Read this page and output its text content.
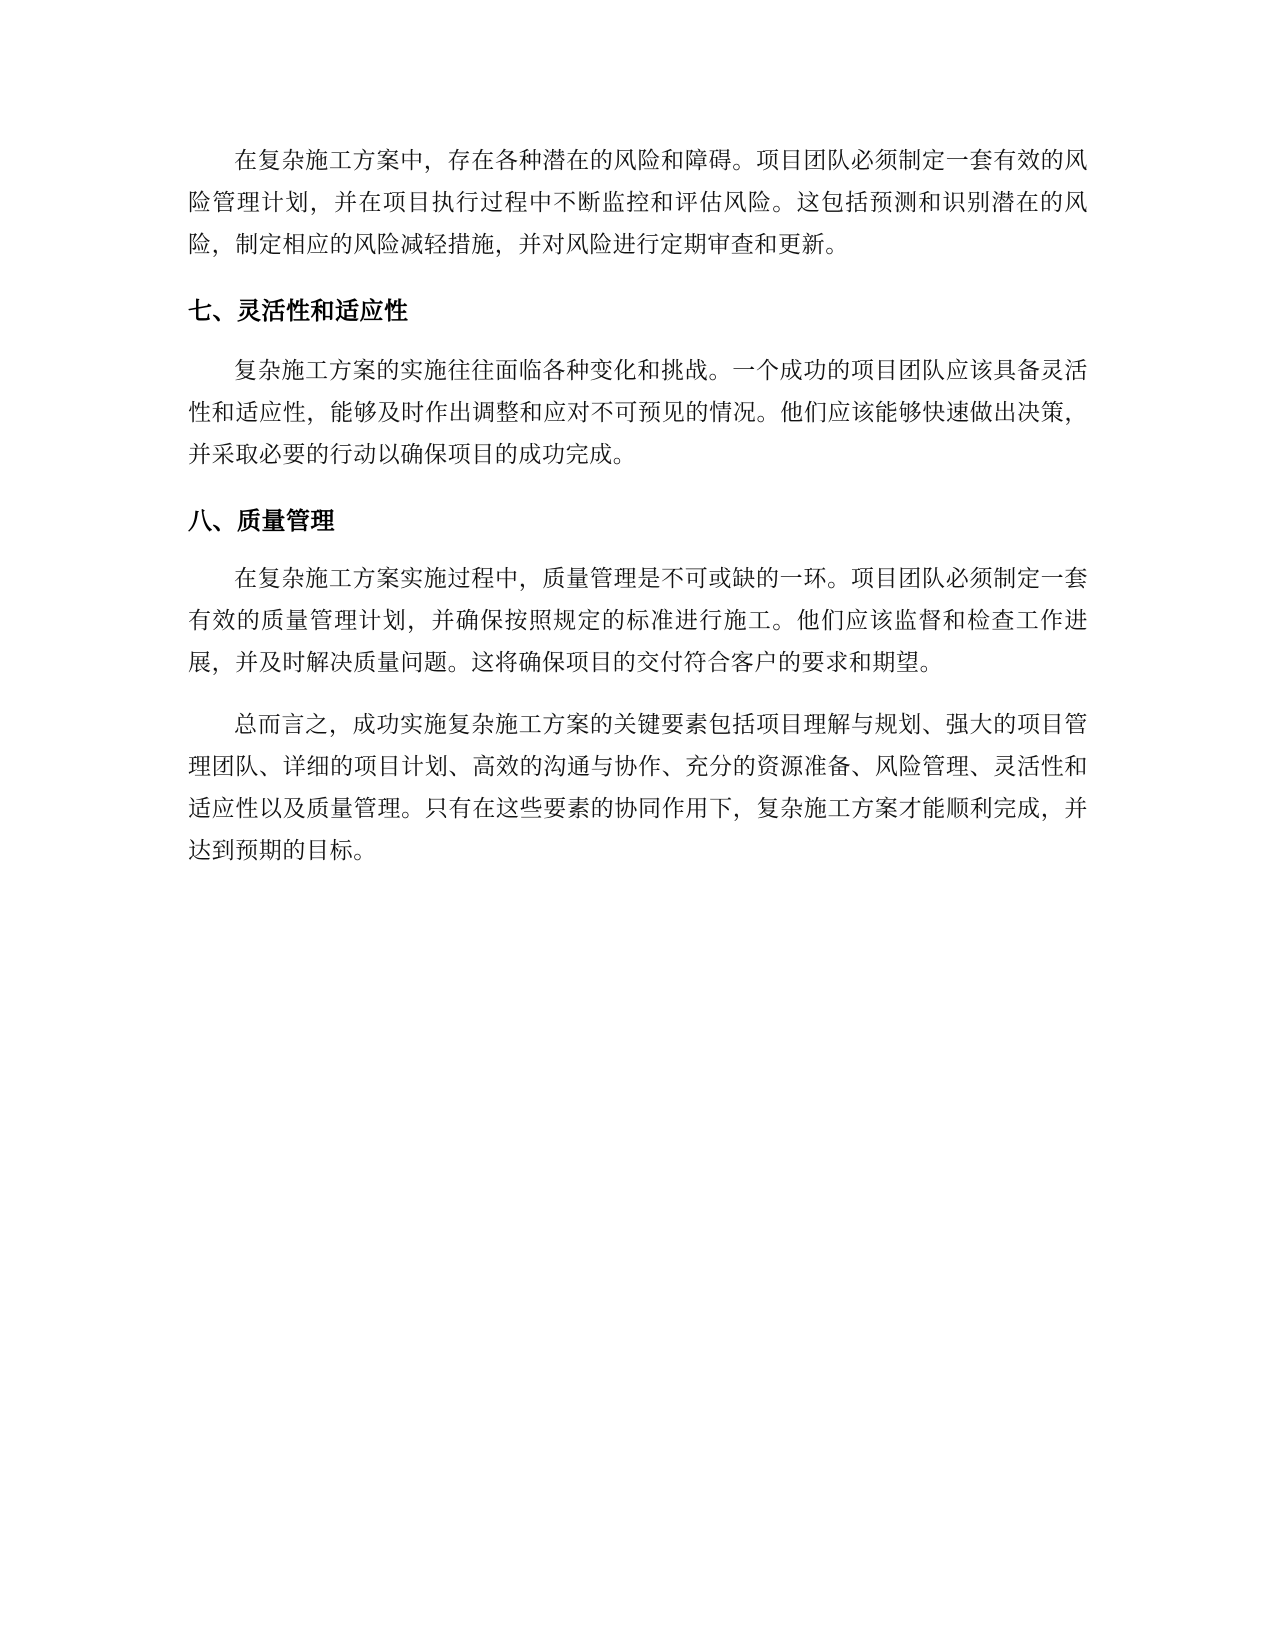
在复杂施工方案中，存在各种潜在的风险和障碍。项目团队必须制定一套有效的风险管理计划，并在项目执行过程中不断监控和评估风险。这包括预测和识别潜在的风险，制定相应的风险减轻措施，并对风险进行定期审查和更新。

七、灵活性和适应性

复杂施工方案的实施往往面临各种变化和挑战。一个成功的项目团队应该具备灵活性和适应性，能够及时作出调整和应对不可预见的情况。他们应该能够快速做出决策，并采取必要的行动以确保项目的成功完成。

八、质量管理

在复杂施工方案实施过程中，质量管理是不可或缺的一环。项目团队必须制定一套有效的质量管理计划，并确保按照规定的标准进行施工。他们应该监督和检查工作进展，并及时解决质量问题。这将确保项目的交付符合客户的要求和期望。

总而言之，成功实施复杂施工方案的关键要素包括项目理解与规划、强大的项目管理团队、详细的项目计划、高效的沟通与协作、充分的资源准备、风险管理、灵活性和适应性以及质量管理。只有在这些要素的协同作用下，复杂施工方案才能顺利完成，并达到预期的目标。
